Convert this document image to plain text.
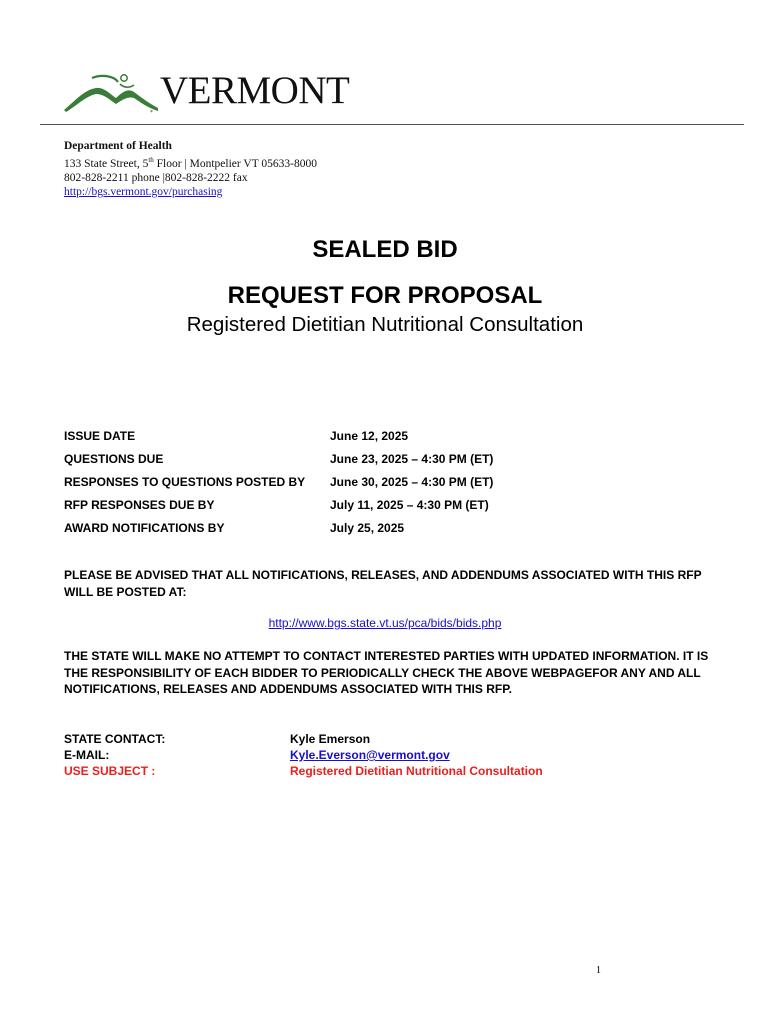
*
VERMONT
Department of Health
133 State Street, 5th Floor | Montpelier VT 05633-8000
802-828-2211 phone |802-828-2222 fax
http://bgs.vermont.gov/purchasing
SEALED BID
REQUEST FOR PROPOSAL
Registered Dietitian Nutritional Consultation
ISSUE DATE	June 12, 2025
QUESTIONS DUE	June 23, 2025 – 4:30 PM (ET)
RESPONSES TO QUESTIONS POSTED BY	June 30, 2025 – 4:30 PM (ET)
RFP RESPONSES DUE BY	July 11, 2025 – 4:30 PM (ET)
AWARD NOTIFICATIONS BY	July 25, 2025
PLEASE BE ADVISED THAT ALL NOTIFICATIONS, RELEASES, AND ADDENDUMS ASSOCIATED WITH THIS RFP WILL BE POSTED AT:
http://www.bgs.state.vt.us/pca/bids/bids.php
THE STATE WILL MAKE NO ATTEMPT TO CONTACT INTERESTED PARTIES WITH UPDATED INFORMATION. IT IS THE RESPONSIBILITY OF EACH BIDDER TO PERIODICALLY CHECK THE ABOVE WEBPAGEFOR ANY AND ALL NOTIFICATIONS, RELEASES AND ADDENDUMS ASSOCIATED WITH THIS RFP.
STATE CONTACT:	Kyle Emerson
E-MAIL:	Kyle.Everson@vermont.gov
USE SUBJECT :	Registered Dietitian Nutritional Consultation
1
